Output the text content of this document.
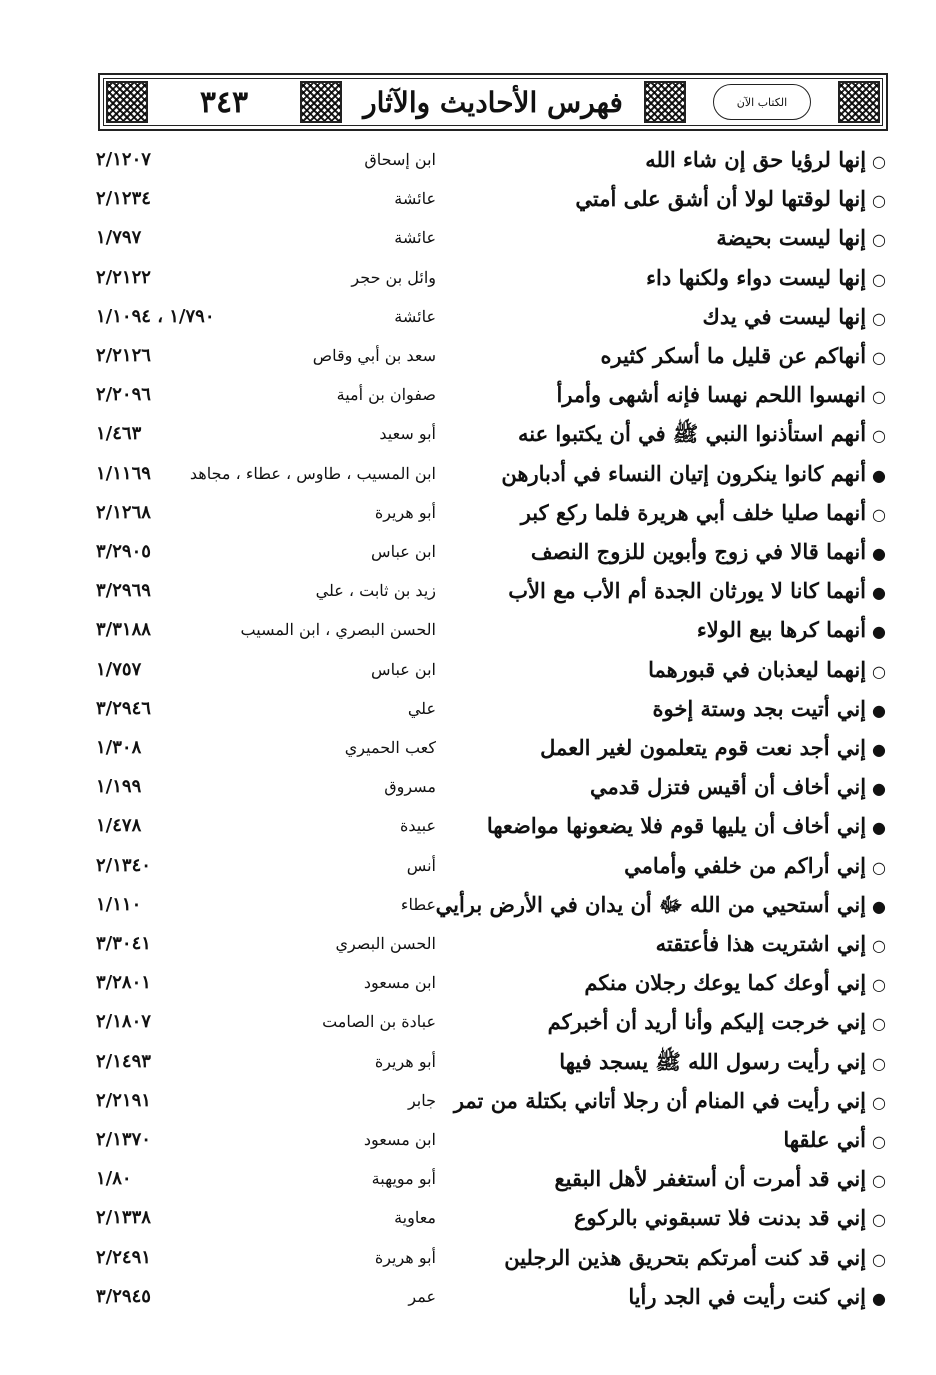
٣٤٣	فهرس الأحاديث والآثار	الكتاب الآن
○إنها لرؤيا حق إن شاء الله
ابن إسحاق
٢/١٢٠٧
○إنها لوقتها لولا أن أشق على أمتي
عائشة
٢/١٢٣٤
○إنها ليست بحيضة
عائشة
١/٧٩٧
○إنها ليست دواء ولكنها داء
وائل بن حجر
٢/٢١٢٢
○إنها ليست في يدك
عائشة
١/٧٩٠ ، ١/١٠٩٤
○أنهاكم عن قليل ما أسكر كثيره
سعد بن أبي وقاص
٢/٢١٢٦
○انهسوا اللحم نهسا فإنه أشهى وأمرأ
صفوان بن أمية
٢/٢٠٩٦
○أنهم استأذنوا النبي ﷺ في أن يكتبوا عنه
أبو سعيد
١/٤٦٣
●أنهم كانوا ينكرون إتيان النساء في أدبارهن
ابن المسيب ، طاوس ، عطاء ، مجاهد
١/١١٦٩
○أنهما صليا خلف أبي هريرة فلما ركع كبر
أبو هريرة
٢/١٢٦٨
●أنهما قالا في زوج وأبوين للزوج النصف
ابن عباس
٣/٢٩٠٥
●أنهما كانا لا يورثان الجدة أم الأب مع الأب
زيد بن ثابت ، علي
٣/٢٩٦٩
●أنهما كرها بيع الولاء
الحسن البصري ، ابن المسيب
٣/٣١٨٨
○إنهما ليعذبان في قبورهما
ابن عباس
١/٧٥٧
●إني أتيت بجد وستة إخوة
علي
٣/٢٩٤٦
●إني أجد نعت قوم يتعلمون لغير العمل
كعب الحميري
١/٣٠٨
●إني أخاف أن أقيس فتزل قدمي
مسروق
١/١٩٩
●إني أخاف أن يليها قوم فلا يضعونها مواضعها
عبيدة
١/٤٧٨
○إني أراكم من خلفي وأمامي
أنس
٢/١٣٤٠
●إني أستحيي من الله ﷻ أن يدان في الأرض برأيي
عطاء
١/١١٠
○إني اشتريت هذا فأعتقته
الحسن البصري
٣/٣٠٤١
○إني أوعك كما يوعك رجلان منكم
ابن مسعود
٣/٢٨٠١
○إني خرجت إليكم وأنا أريد أن أخبركم
عبادة بن الصامت
٢/١٨٠٧
○إني رأيت رسول الله ﷺ يسجد فيها
أبو هريرة
٢/١٤٩٣
○إني رأيت في المنام أن رجلا أتاني بكتلة من تمر
جابر
٢/٢١٩١
○أني علقها
ابن مسعود
٢/١٣٧٠
○إني قد أمرت أن أستغفر لأهل البقيع
أبو مويهبة
١/٨٠
○إني قد بدنت فلا تسبقوني بالركوع
معاوية
٢/١٣٣٨
○إني قد كنت أمرتكم بتحريق هذين الرجلين
أبو هريرة
٢/٢٤٩١
●إني كنت رأيت في الجد رأيا
عمر
٣/٢٩٤٥
